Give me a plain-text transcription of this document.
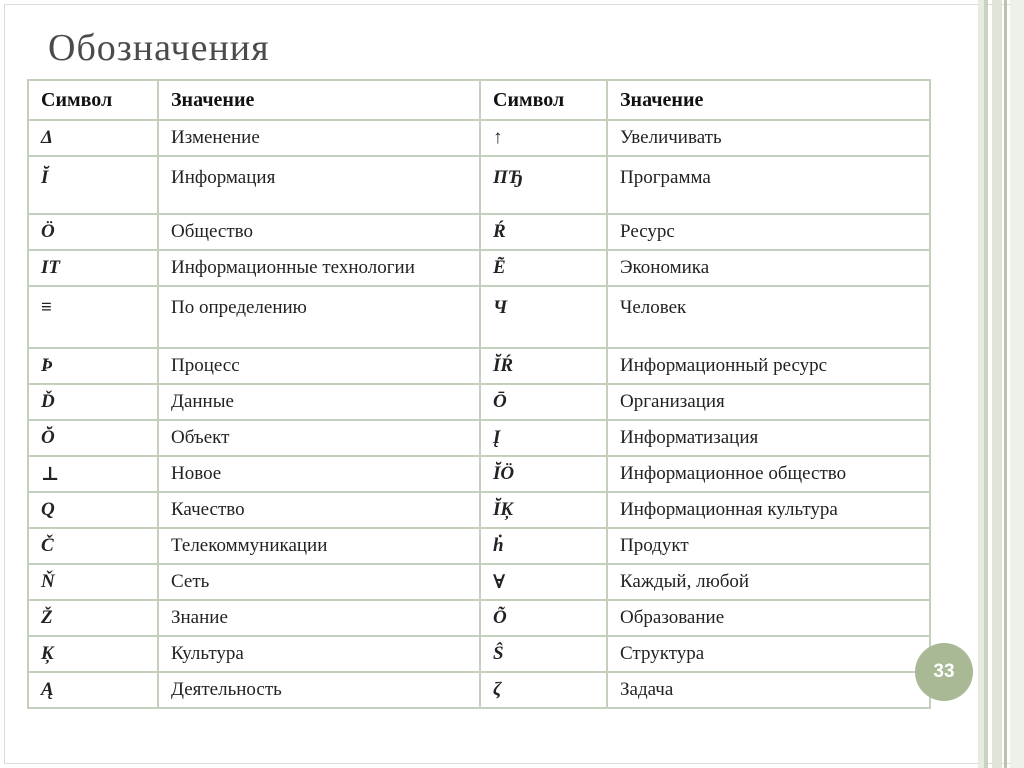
Обозначения
Символ	Значение	Символ	Значение
Δ	Изменение	↑	Увеличивать
Ĭ	Информация	ПЂ	Программа
Ö	Общество	Ŕ	Ресурс
IT	Информационные технологии	Ẽ	Экономика
≡	По определению	Ч	Человек
Þ	Процесс	ĬŔ	Информационный ресурс
Ď	Данные	Ō	Организация
Ŏ	Объект	Į	Информатизация
⊥	Новое	ĬÖ	Информационное общество
Q	Качество	ĬĶ	Информационная культура
Č	Телекоммуникации	ḣ	Продукт
Ň	Сеть	∀	Каждый, любой
Ž	Знание	Õ	Образование
Ķ	Культура	Ŝ	Структура
Ą	Деятельность	ζ	Задача
33
